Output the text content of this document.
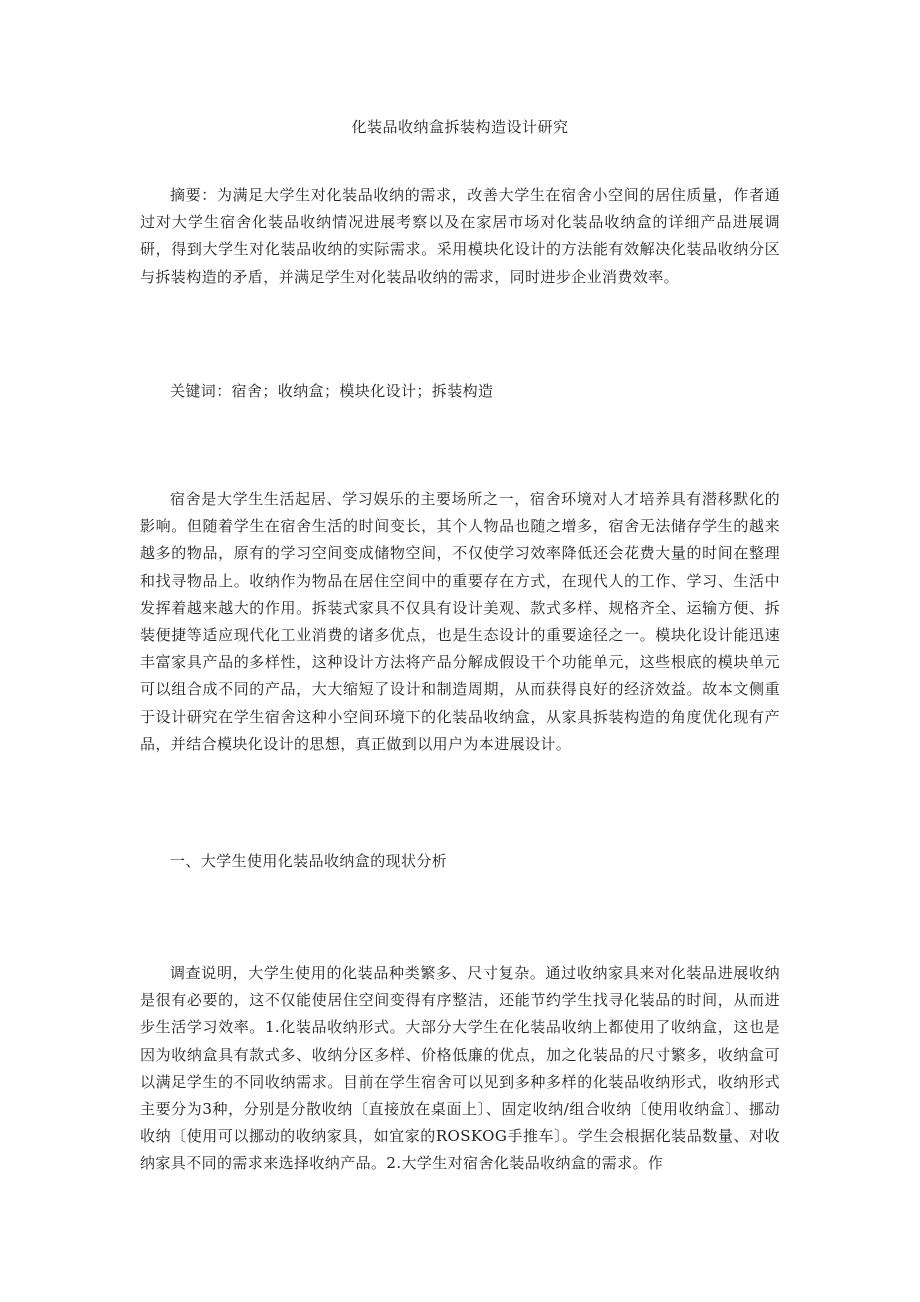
化装品收纳盒拆装构造设计研究

摘要：为满足大学生对化装品收纳的需求，改善大学生在宿舍小空间的居住质量，作者通过对大学生宿舍化装品收纳情况进展考察以及在家居市场对化装品收纳盒的详细产品进展调研，得到大学生对化装品收纳的实际需求。采用模块化设计的方法能有效解决化装品收纳分区与拆装构造的矛盾，并满足学生对化装品收纳的需求，同时进步企业消费效率。

关键词：宿舍；收纳盒；模块化设计；拆装构造

宿舍是大学生生活起居、学习娱乐的主要场所之一，宿舍环境对人才培养具有潜移默化的影响。但随着学生在宿舍生活的时间变长，其个人物品也随之增多，宿舍无法储存学生的越来越多的物品，原有的学习空间变成储物空间，不仅使学习效率降低还会花费大量的时间在整理和找寻物品上。收纳作为物品在居住空间中的重要存在方式，在现代人的工作、学习、生活中发挥着越来越大的作用。拆装式家具不仅具有设计美观、款式多样、规格齐全、运输方便、拆装便捷等适应现代化工业消费的诸多优点，也是生态设计的重要途径之一。模块化设计能迅速丰富家具产品的多样性，这种设计方法将产品分解成假设干个功能单元，这些根底的模块单元可以组合成不同的产品，大大缩短了设计和制造周期，从而获得良好的经济效益。故本文侧重于设计研究在学生宿舍这种小空间环境下的化装品收纳盒，从家具拆装构造的角度优化现有产品，并结合模块化设计的思想，真正做到以用户为本进展设计。

一、大学生使用化装品收纳盒的现状分析

调查说明，大学生使用的化装品种类繁多、尺寸复杂。通过收纳家具来对化装品进展收纳是很有必要的，这不仅能使居住空间变得有序整洁，还能节约学生找寻化装品的时间，从而进步生活学习效率。1.化装品收纳形式。大部分大学生在化装品收纳上都使用了收纳盒，这也是因为收纳盒具有款式多、收纳分区多样、价格低廉的优点，加之化装品的尺寸繁多，收纳盒可以满足学生的不同收纳需求。目前在学生宿舍可以见到多种多样的化装品收纳形式，收纳形式主要分为3种，分别是分散收纳〔直接放在桌面上〕、固定收纳/组合收纳〔使用收纳盒〕、挪动收纳〔使用可以挪动的收纳家具，如宜家的ROSKOG手推车〕。学生会根据化装品数量、对收纳家具不同的需求来选择收纳产品。2.大学生对宿舍化装品收纳盒的需求。作
